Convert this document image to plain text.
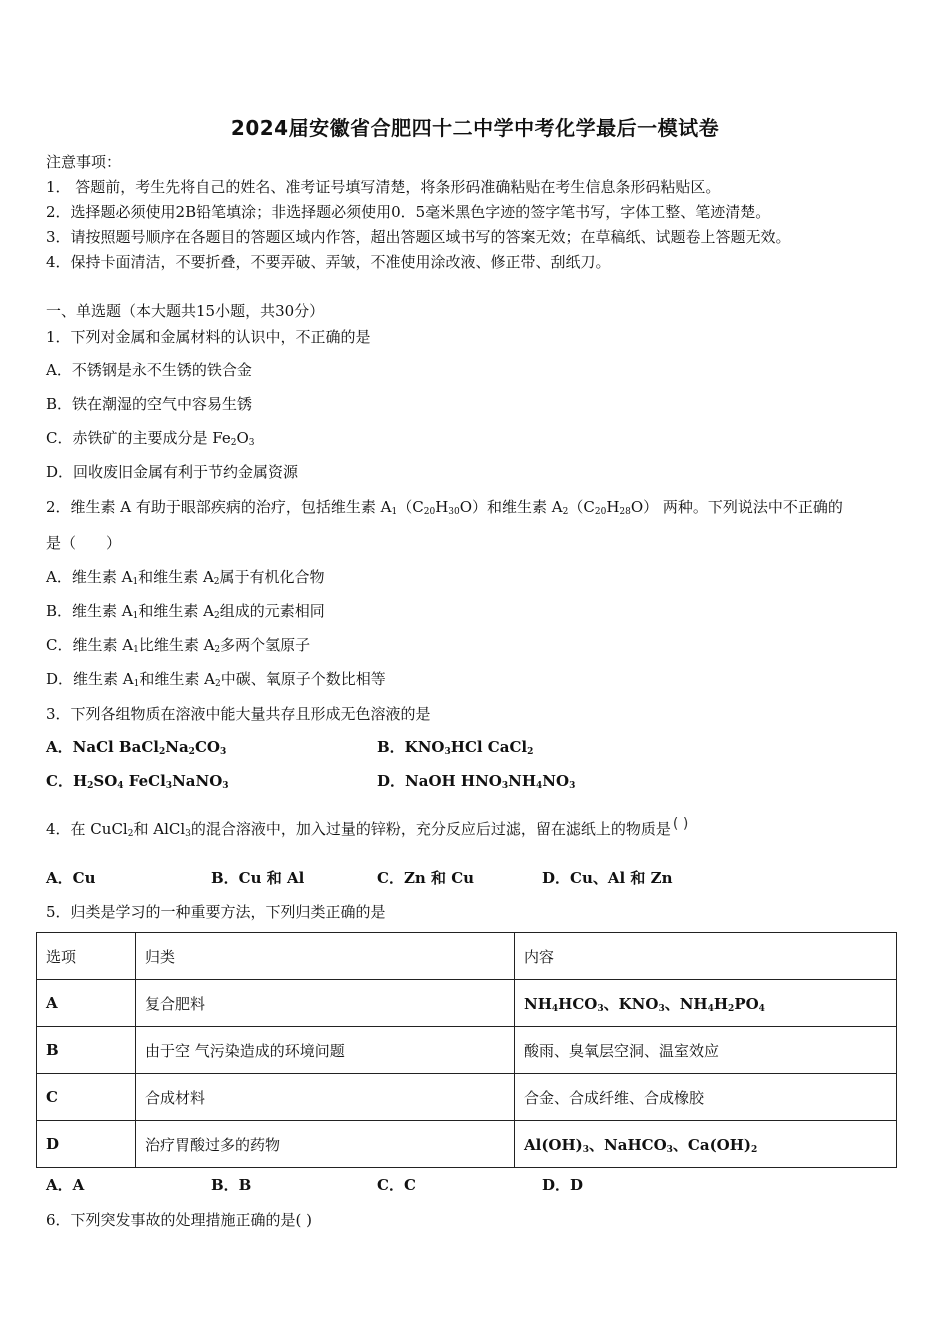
2024届安徽省合肥四十二中学中考化学最后一模试卷
注意事项：
1． 答题前，考生先将自己的姓名、准考证号填写清楚，将条形码准确粘贴在考生信息条形码粘贴区。
2．选择题必须使用2B铅笔填涂；非选择题必须使用0．5毫米黑色字迹的签字笔书写，字体工整、笔迹清楚。
3．请按照题号顺序在各题目的答题区域内作答，超出答题区域书写的答案无效；在草稿纸、试题卷上答题无效。
4．保持卡面清洁，不要折叠，不要弄破、弄皱，不准使用涂改液、修正带、刮纸刀。
一、单选题（本大题共15小题，共30分）
1．下列对金属和金属材料的认识中，不正确的是
A．不锈钢是永不生锈的铁合金
B．铁在潮湿的空气中容易生锈
C．赤铁矿的主要成分是 $Fe_2O_3$
D．回收废旧金属有利于节约金属资源
2．维生素 A 有助于眼部疾病的治疗，包括维生素 $A_1(C_{20}H_{30}O)$和维生素 $A_2(C_{20}H_{28}O)$ 两种。下列说法中不正确的
是（　　）
A．维生素 $A_1$和维生素 $A_2$属于有机化合物
B．维生素 $A_1$和维生素 $A_2$组成的元素相同
C．维生素 $A_1$比维生素 $A_2$多两个氢原子
D．维生素 $A_1$和维生素 $A_2$中碳、氧原子个数比相等
3．下列各组物质在溶液中能大量共存且形成无色溶液的是
A．NaCl $BaCl_2Na_2CO_3$	B．$KNO_3HCl$ CaCl$_2$
C．$H_2SO_4$ FeCl$_3$NaNO$_3$	D．NaOH $HNO_3NH_4NO_3$
4．在 CuCl$_2$和 AlCl$_3$的混合溶液中，加入过量的锌粉，充分反应后过滤，留在滤纸上的物质是 ( )
A．Cu	B．Cu 和 Al	C．Zn 和 Cu	D．Cu、Al 和 Zn
5．归类是学习的一种重要方法，下列归类正确的是
选项	归类	内容
A	复合肥料	$NH_4HCO_3$、$KNO_3$、$NH_4H_2PO_4$
B	由于空 气污染造成的环境问题	酸雨、臭氧层空洞、温室效应
C	合成材料	合金、合成纤维、合成橡胶
D	治疗胃酸过多的药物	$Al(OH)_3$、NaHCO$_3$、$Ca(OH)_2$
A．A	B．B	C．C	D．D
6．下列突发事故的处理措施正确的是( )
